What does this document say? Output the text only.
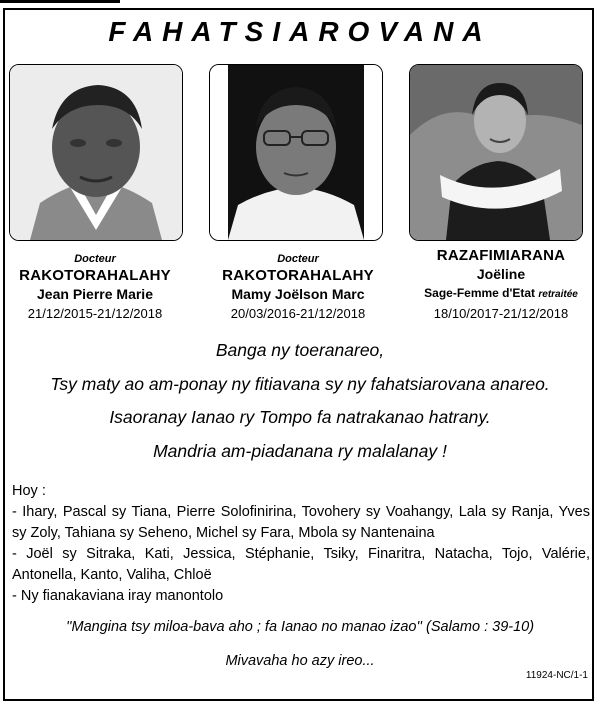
FAHATSIAROVANA
Docteur
RAKOTORAHALAHY
Jean Pierre Marie
21/12/2015-21/12/2018
Docteur
RAKOTORAHALAHY
Mamy Joëlson Marc
20/03/2016-21/12/2018
RAZAFIMIARANA
Joëline
Sage-Femme d'Etat retraitée
18/10/2017-21/12/2018
Banga ny toeranareo,
Tsy maty ao am-ponay ny fitiavana sy ny fahatsiarovana anareo.
Isaoranay Ianao ry Tompo fa natrakanao hatrany.
Mandria am-piadanana ry malalanay !
Hoy :
- Ihary, Pascal sy Tiana, Pierre Solofinirina, Tovohery sy Voahangy, Lala sy Ranja, Yves sy Zoly, Tahiana sy Seheno, Michel sy Fara, Mbola sy Nantenaina
- Joël sy Sitraka, Kati, Jessica, Stéphanie, Tsiky, Finaritra, Natacha, Tojo, Valérie, Antonella, Kanto, Valiha, Chloë
- Ny fianakaviana iray manontolo
''Mangina tsy miloa-bava aho ; fa Ianao no manao izao'' (Salamo : 39-10)
Mivavaha ho azy ireo...
11924-NC/1-1
